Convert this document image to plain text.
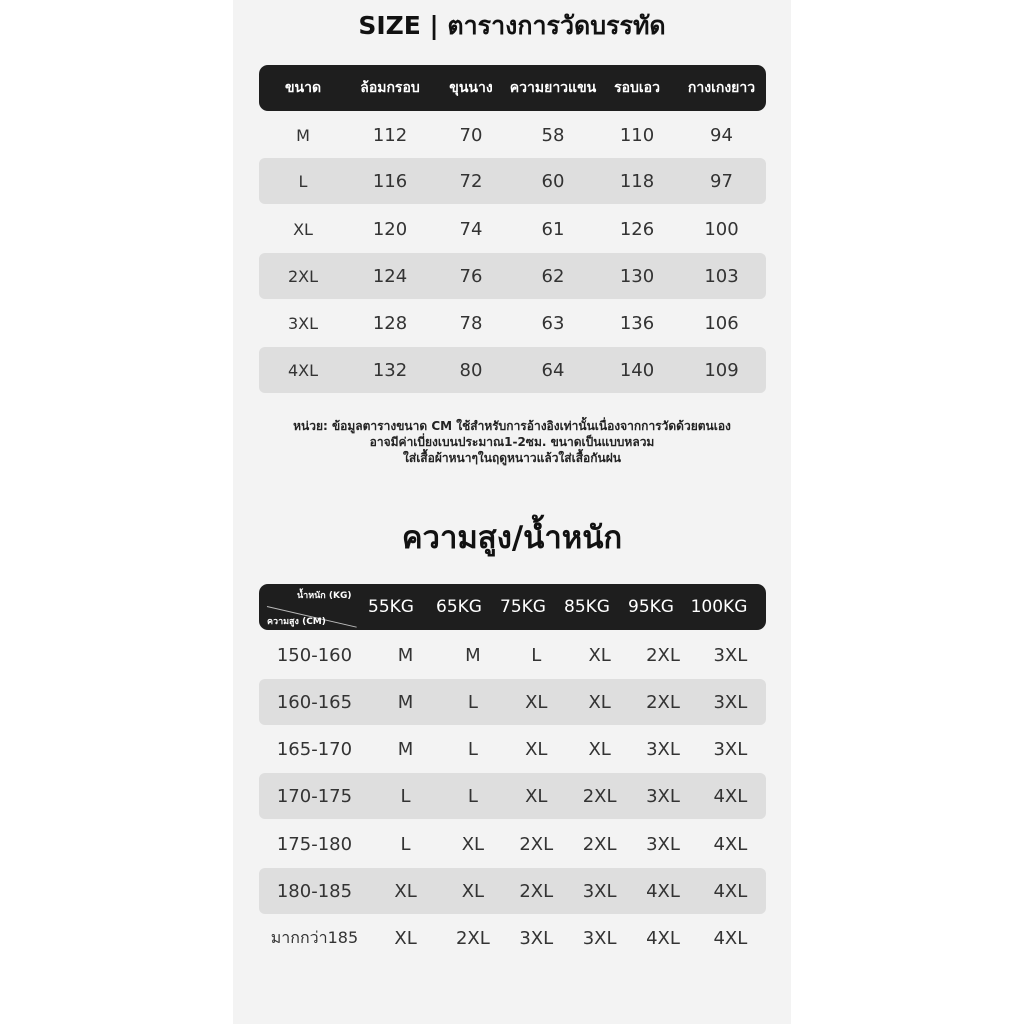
SIZE | ตารางการวัดบรรทัด
ขนาด	ล้อมกรอบ	ขุนนาง	ความยาวแขน	รอบเอว	กางเกงยาว
M	112	70	58	110	94
L	116	72	60	118	97
XL	120	74	61	126	100
2XL	124	76	62	130	103
3XL	128	78	63	136	106
4XL	132	80	64	140	109
หน่วย: ข้อมูลตารางขนาด CM ใช้สำหรับการอ้างอิงเท่านั้นเนื่องจากการวัดด้วยตนเอง
อาจมีค่าเบี่ยงเบนประมาณ1-2ซม. ขนาดเป็นแบบหลวม
ใส่เสื้อผ้าหนาๆในฤดูหนาวแล้วใส่เสื้อกันฝน
ความสูง/น้ำหนัก
น้ำหนัก (KG)
ความสูง (CM)
55KG	65KG	75KG	85KG	95KG 100KG
150-160	M	M	L	XL	2XL	3XL
160-165	M	L	XL	XL	2XL	3XL
165-170	M	L	XL	XL	3XL	3XL
170-175	L	L	XL	2XL	3XL	4XL
175-180	L	XL	2XL	2XL	3XL	4XL
180-185	XL	XL	2XL	3XL	4XL	4XL
มากกว่า185	XL	2XL	3XL	3XL	4XL	4XL
